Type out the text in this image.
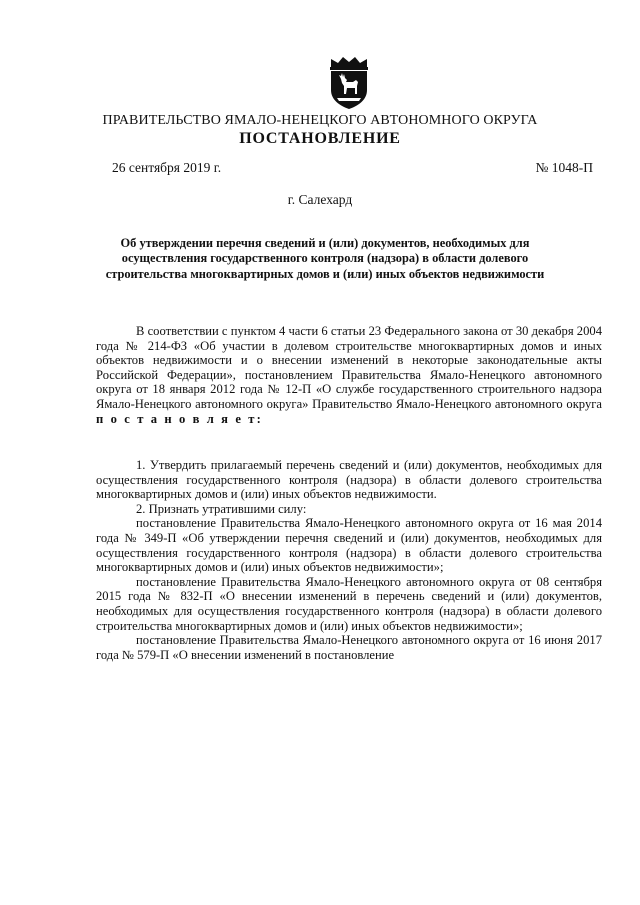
ПРАВИТЕЛЬСТВО ЯМАЛО-НЕНЕЦКОГО АВТОНОМНОГО ОКРУГА
ПОСТАНОВЛЕНИЕ
26 сентября 2019 г.	№ 1048-П
г. Салехард
Об утверждении перечня сведений и (или) документов, необходимых для осуществления государственного контроля (надзора) в области долевого строительства многоквартирных домов и (или) иных объектов недвижимости

В соответствии с пунктом 4 части 6 статьи 23 Федерального закона от 30 декабря 2004 года № 214-ФЗ «Об участии в долевом строительстве многоквартирных домов и иных объектов недвижимости и о внесении изменений в некоторые законодательные акты Российской Федерации», постановлением Правительства Ямало-Ненецкого автономного округа от 18 января 2012 года № 12-П «О службе государственного строительного надзора Ямало-Ненецкого автономного округа» Правительство Ямало-Ненецкого автономного округа п о с т а н о в л я е т:

1. Утвердить прилагаемый перечень сведений и (или) документов, необходимых для осуществления государственного контроля (надзора) в области долевого строительства многоквартирных домов и (или) иных объектов недвижимости.

2. Признать утратившими силу:

постановление Правительства Ямало-Ненецкого автономного округа от 16 мая 2014 года № 349-П «Об утверждении перечня сведений и (или) документов, необходимых для осуществления государственного контроля (надзора) в области долевого строительства многоквартирных домов и (или) иных объектов недвижимости»;

постановление Правительства Ямало-Ненецкого автономного округа от 08 сентября 2015 года № 832-П «О внесении изменений в перечень сведений и (или) документов, необходимых для осуществления государственного контроля (надзора) в области долевого строительства многоквартирных домов и (или) иных объектов недвижимости»;

постановление Правительства Ямало-Ненецкого автономного округа от 16 июня 2017 года № 579-П «О внесении изменений в постановление
